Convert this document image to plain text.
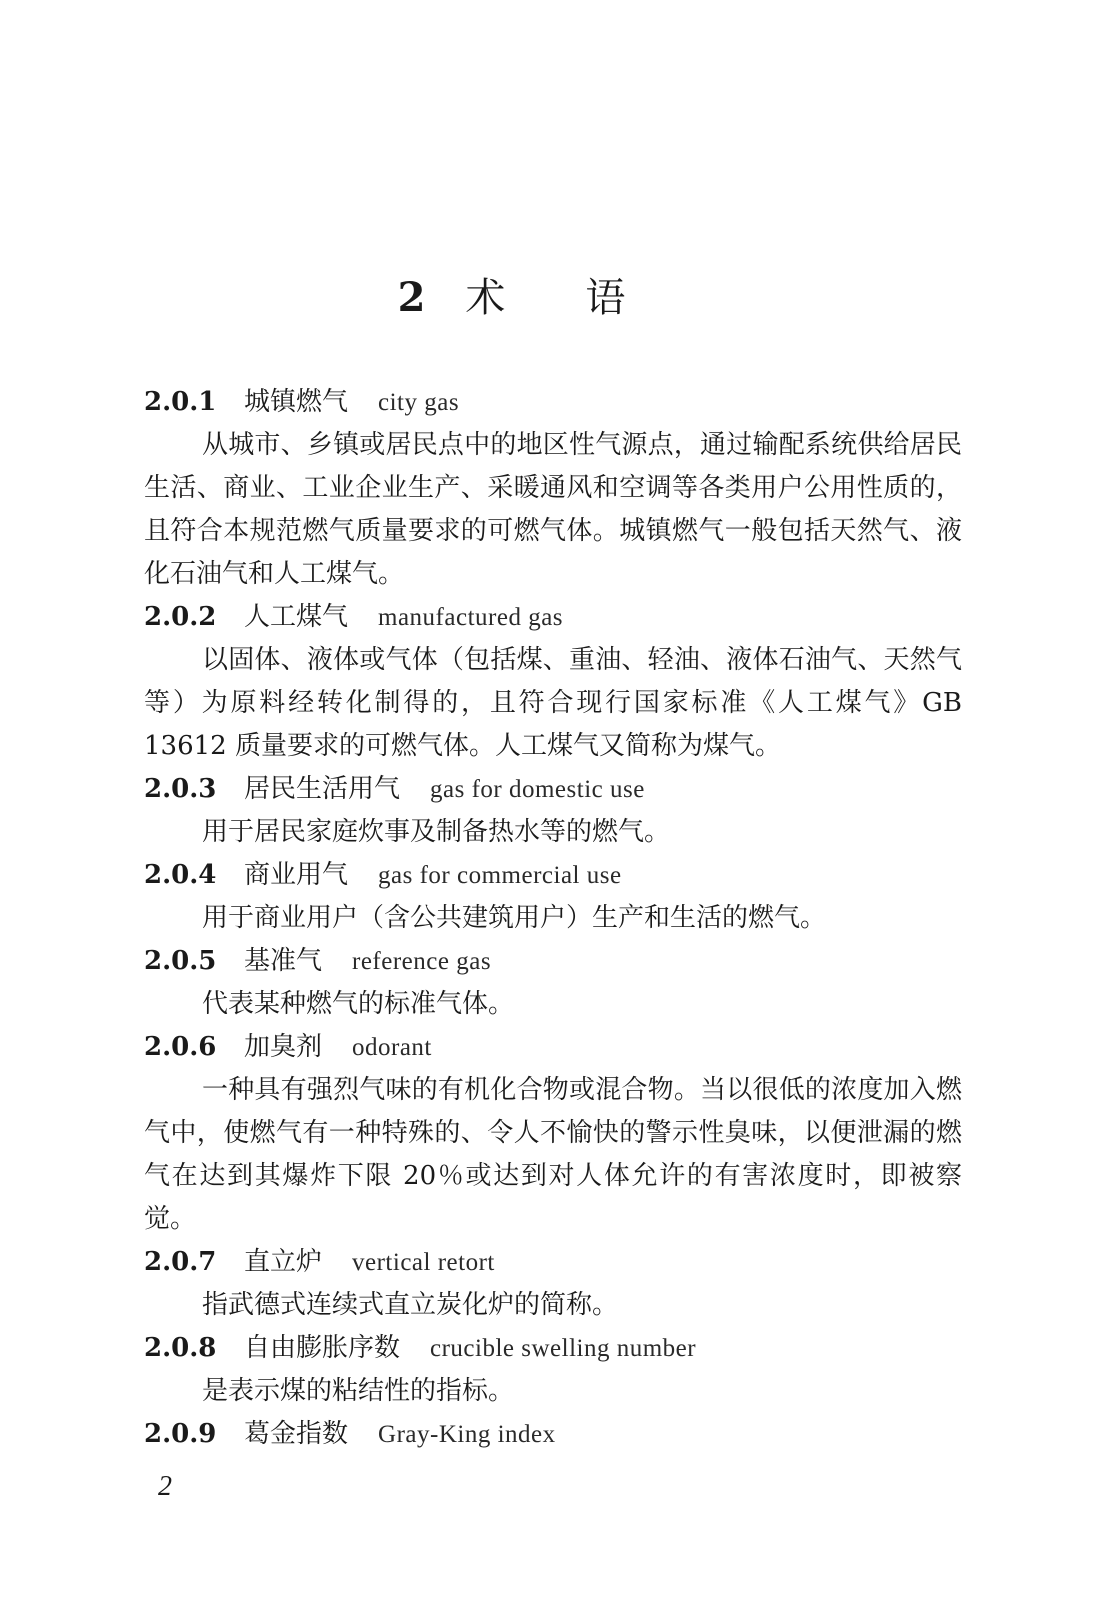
2 术语
2.0.1 城镇燃气 city gas

从城市、乡镇或居民点中的地区性气源点，通过输配系统供给居民生活、商业、工业企业生产、采暖通风和空调等各类用户公用性质的，且符合本规范燃气质量要求的可燃气体。城镇燃气一般包括天然气、液化石油气和人工煤气。

2.0.2 人工煤气 manufactured gas

以固体、液体或气体（包括煤、重油、轻油、液体石油气、天然气等）为原料经转化制得的，且符合现行国家标准《人工煤气》GB 13612 质量要求的可燃气体。人工煤气又简称为煤气。

2.0.3 居民生活用气 gas for domestic use

用于居民家庭炊事及制备热水等的燃气。

2.0.4 商业用气 gas for commercial use

用于商业用户（含公共建筑用户）生产和生活的燃气。

2.0.5 基准气 reference gas

代表某种燃气的标准气体。

2.0.6 加臭剂 odorant

一种具有强烈气味的有机化合物或混合物。当以很低的浓度加入燃气中，使燃气有一种特殊的、令人不愉快的警示性臭味，以便泄漏的燃气在达到其爆炸下限 20％或达到对人体允许的有害浓度时，即被察觉。

2.0.7 直立炉 vertical retort

指武德式连续式直立炭化炉的简称。

2.0.8 自由膨胀序数 crucible swelling number

是表示煤的粘结性的指标。

2.0.9 葛金指数 Gray-King index
2
